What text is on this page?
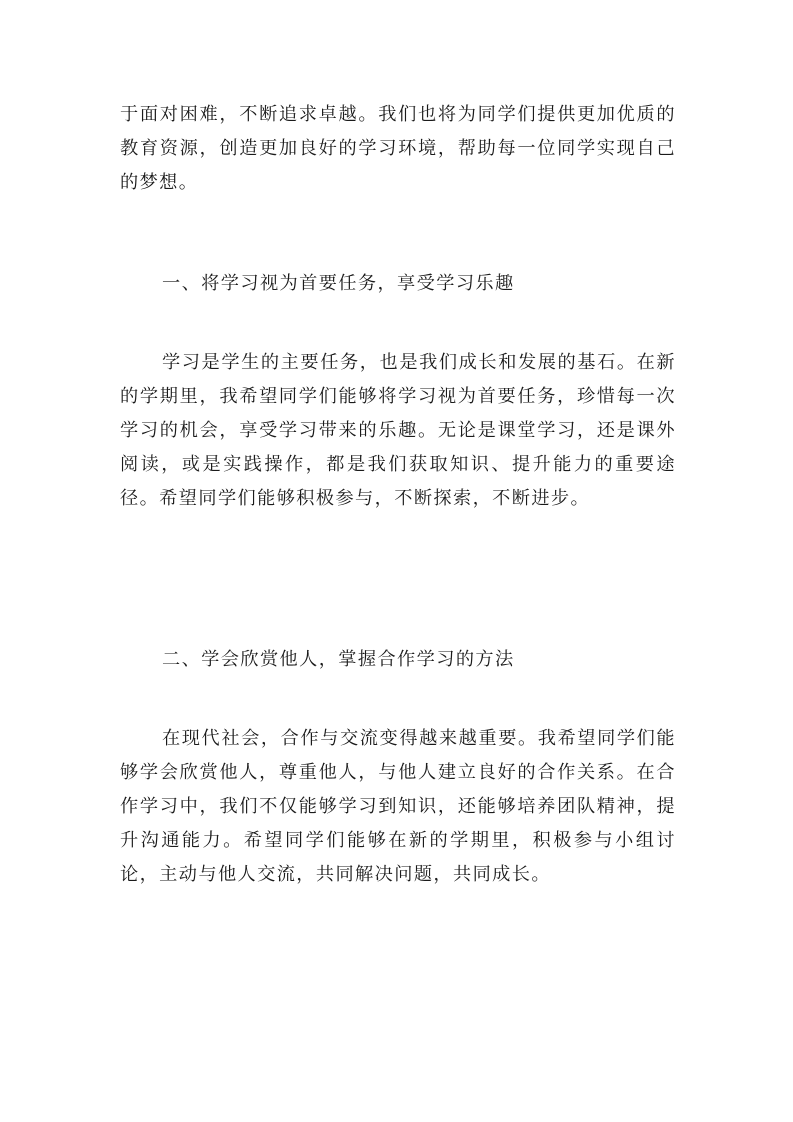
于面对困难，不断追求卓越。我们也将为同学们提供更加优质的教育资源，创造更加良好的学习环境，帮助每一位同学实现自己的梦想。

一、将学习视为首要任务，享受学习乐趣

学习是学生的主要任务，也是我们成长和发展的基石。在新的学期里，我希望同学们能够将学习视为首要任务，珍惜每一次学习的机会，享受学习带来的乐趣。无论是课堂学习，还是课外阅读，或是实践操作，都是我们获取知识、提升能力的重要途径。希望同学们能够积极参与，不断探索，不断进步。

二、学会欣赏他人，掌握合作学习的方法

在现代社会，合作与交流变得越来越重要。我希望同学们能够学会欣赏他人，尊重他人，与他人建立良好的合作关系。在合作学习中，我们不仅能够学习到知识，还能够培养团队精神，提升沟通能力。希望同学们能够在新的学期里，积极参与小组讨论，主动与他人交流，共同解决问题，共同成长。
